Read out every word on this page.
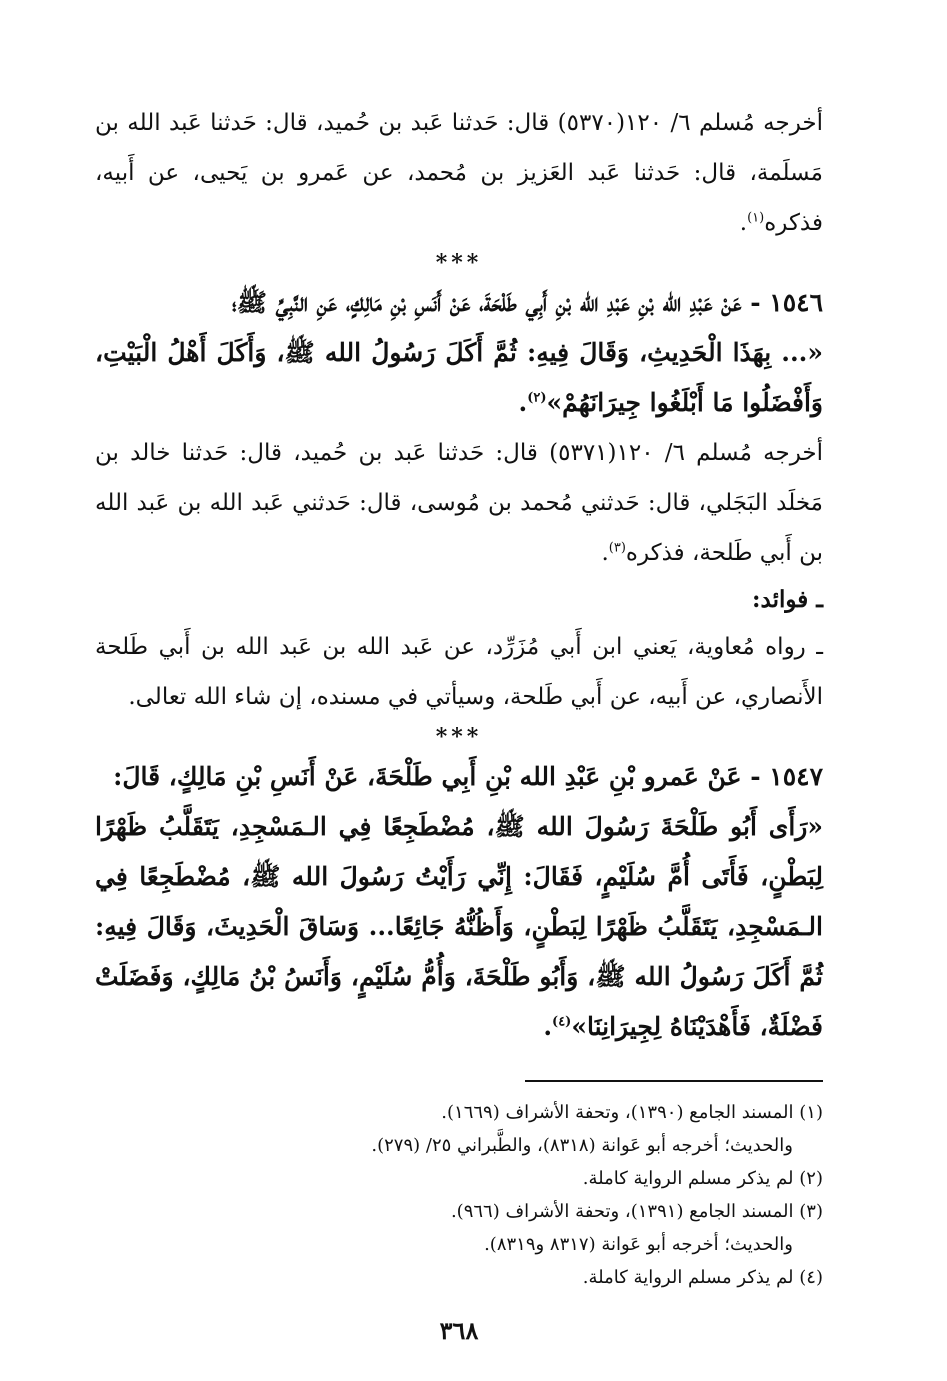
أخرجه مُسلم ٦/ ١٢٠(٥٣٧٠) قال: حَدثنا عَبد بن حُميد، قال: حَدثنا عَبد الله بن مَسلَمة، قال: حَدثنا عَبد العَزيز بن مُحمد، عن عَمرو بن يَحيى، عن أَبيه، فذكره$^{(١)}$.

***

١٥٤٦ - عَنْ عَبْدِ الله بْنِ عَبْدِ الله بْنِ أَبِي طَلْحَةَ، عَنْ أَنَسِ بْنِ مَالِكٍ، عَنِ النَّبِيِّ ﷺ؛

«... بِهَذَا الْحَدِيثِ، وَقَالَ فِيهِ: ثُمَّ أَكَلَ رَسُولُ الله ﷺ، وَأَكَلَ أَهْلُ الْبَيْتِ، وَأَفْضَلُوا مَا أَبْلَغُوا جِيرَانَهُمْ»$^{(٢)}$.

أخرجه مُسلم ٦/ ١٢٠(٥٣٧١) قال: حَدثنا عَبد بن حُميد، قال: حَدثنا خالد بن مَخلَد البَجَلي، قال: حَدثني مُحمد بن مُوسى، قال: حَدثني عَبد الله بن عَبد الله بن أَبي طَلحة، فذكره$^{(٣)}$.

ـ فوائد:

ـ رواه مُعاوية، يَعني ابن أَبي مُزَرِّد، عن عَبد الله بن عَبد الله بن أَبي طَلحة الأَنصاري، عن أَبيه، عن أَبي طَلحة، وسيأتي في مسنده، إن شاء الله تعالى.

***

١٥٤٧ - عَنْ عَمرو بْنِ عَبْدِ الله بْنِ أَبِي طَلْحَةَ، عَنْ أَنَسِ بْنِ مَالِكٍ، قَالَ:

«رَأَى أَبُو طَلْحَةَ رَسُولَ الله ﷺ، مُضْطَجِعًا فِي الـمَسْجِدِ، يَتَقَلَّبُ ظَهْرًا لِبَطْنٍ، فَأَتَى أُمَّ سُلَيْمٍ، فَقَالَ: إِنِّي رَأَيْتُ رَسُولَ الله ﷺ، مُضْطَجِعًا فِي الـمَسْجِدِ، يَتَقَلَّبُ ظَهْرًا لِبَطْنٍ، وَأَظُنُّهُ جَائِعًا... وَسَاقَ الْحَدِيثَ، وَقَالَ فِيهِ: ثُمَّ أَكَلَ رَسُولُ الله ﷺ، وَأَبُو طَلْحَةَ، وَأُمُّ سُلَيْمٍ، وَأَنَسُ بْنُ مَالِكٍ، وَفَضَلَتْ فَضْلَةٌ، فَأَهْدَيْنَاهُ لِجِيرَانِنَا»$^{(٤)}$.

(١) المسند الجامع (١٣٩٠)، وتحفة الأشراف (١٦٦٩).

والحديث؛ أخرجه أبو عَوانة (٨٣١٨)، والطَّبراني ٢٥/ (٢٧٩).

(٢) لم يذكر مسلم الرواية كاملة.

(٣) المسند الجامع (١٣٩١)، وتحفة الأشراف (٩٦٦).

والحديث؛ أخرجه أبو عَوانة (٨٣١٧ و٨٣١٩).

(٤) لم يذكر مسلم الرواية كاملة.

٣٦٨
